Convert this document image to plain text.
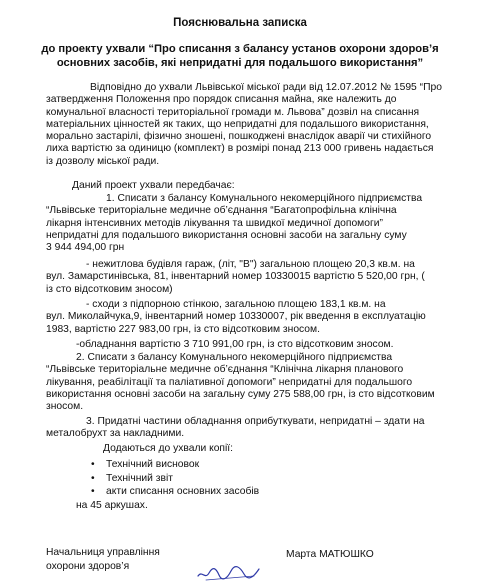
Пояснювальна записка
до проекту ухвали “Про списання з балансу установ охорони здоров’я
основних засобів, які непридатні для подальшого використання”
Відповідно до ухвали Львівської міської ради від 12.07.2012 № 1595 “Про
затвердження Положення про порядок списання майна, яке належить до
комунальної власності територіальної громади м. Львова” дозвіл на списання
матеріальних цінностей як таких, що непридатні для подальшого використання,
морально застарілі, фізично зношені, пошкоджені внаслідок аварії чи стихійного
лиха вартістю за одиницю (комплект) в розмірі понад 213 000 гривень надається
із дозволу міської ради.
Даний проект ухвали передбачає:
1. Списати з балансу Комунального некомерційного підприємства
“Львівське територіальне медичне об’єднання “Багатопрофільна клінічна
лікарня інтенсивних методів лікування та швидкої медичної допомоги”
непридатні для подальшого використання основні засоби на загальну суму
3 944 494,00 грн
- нежитлова будівля гараж, (літ, "В") загальною площею 20,3 кв.м. на
вул. Замарстинівська, 81, інвентарний номер 10330015 вартістю 5 520,00 грн, (
із сто відсотковим зносом)
- сходи з підпорною стінкою, загальною площею 183,1 кв.м. на
вул. Миколайчука,9, інвентарний номер 10330007, рік введення в експлуатацію
1983, вартістю 227 983,00 грн, із сто відсотковим зносом.
-обладнання вартістю 3 710 991,00 грн, із сто відсотковим зносом.
2. Списати з балансу Комунального некомерційного підприємства
“Львівське територіальне медичне об’єднання “Клінічна лікарня планового
лікування, реабілітації та паліативної допомоги” непридатні для подальшого
використання основні засоби на загальну суму 275 588,00 грн, із сто відсотковим
зносом.
3. Придатні частини обладнання оприбуткувати, непридатні – здати на
металобрухт за накладними.
Додаються до ухвали копії:
• Технічний висновок
• Технічний звіт
• акти списання основних засобів
на 45 аркушах.
Начальниця управління
охорони здоров’я
Марта МАТЮШКО
